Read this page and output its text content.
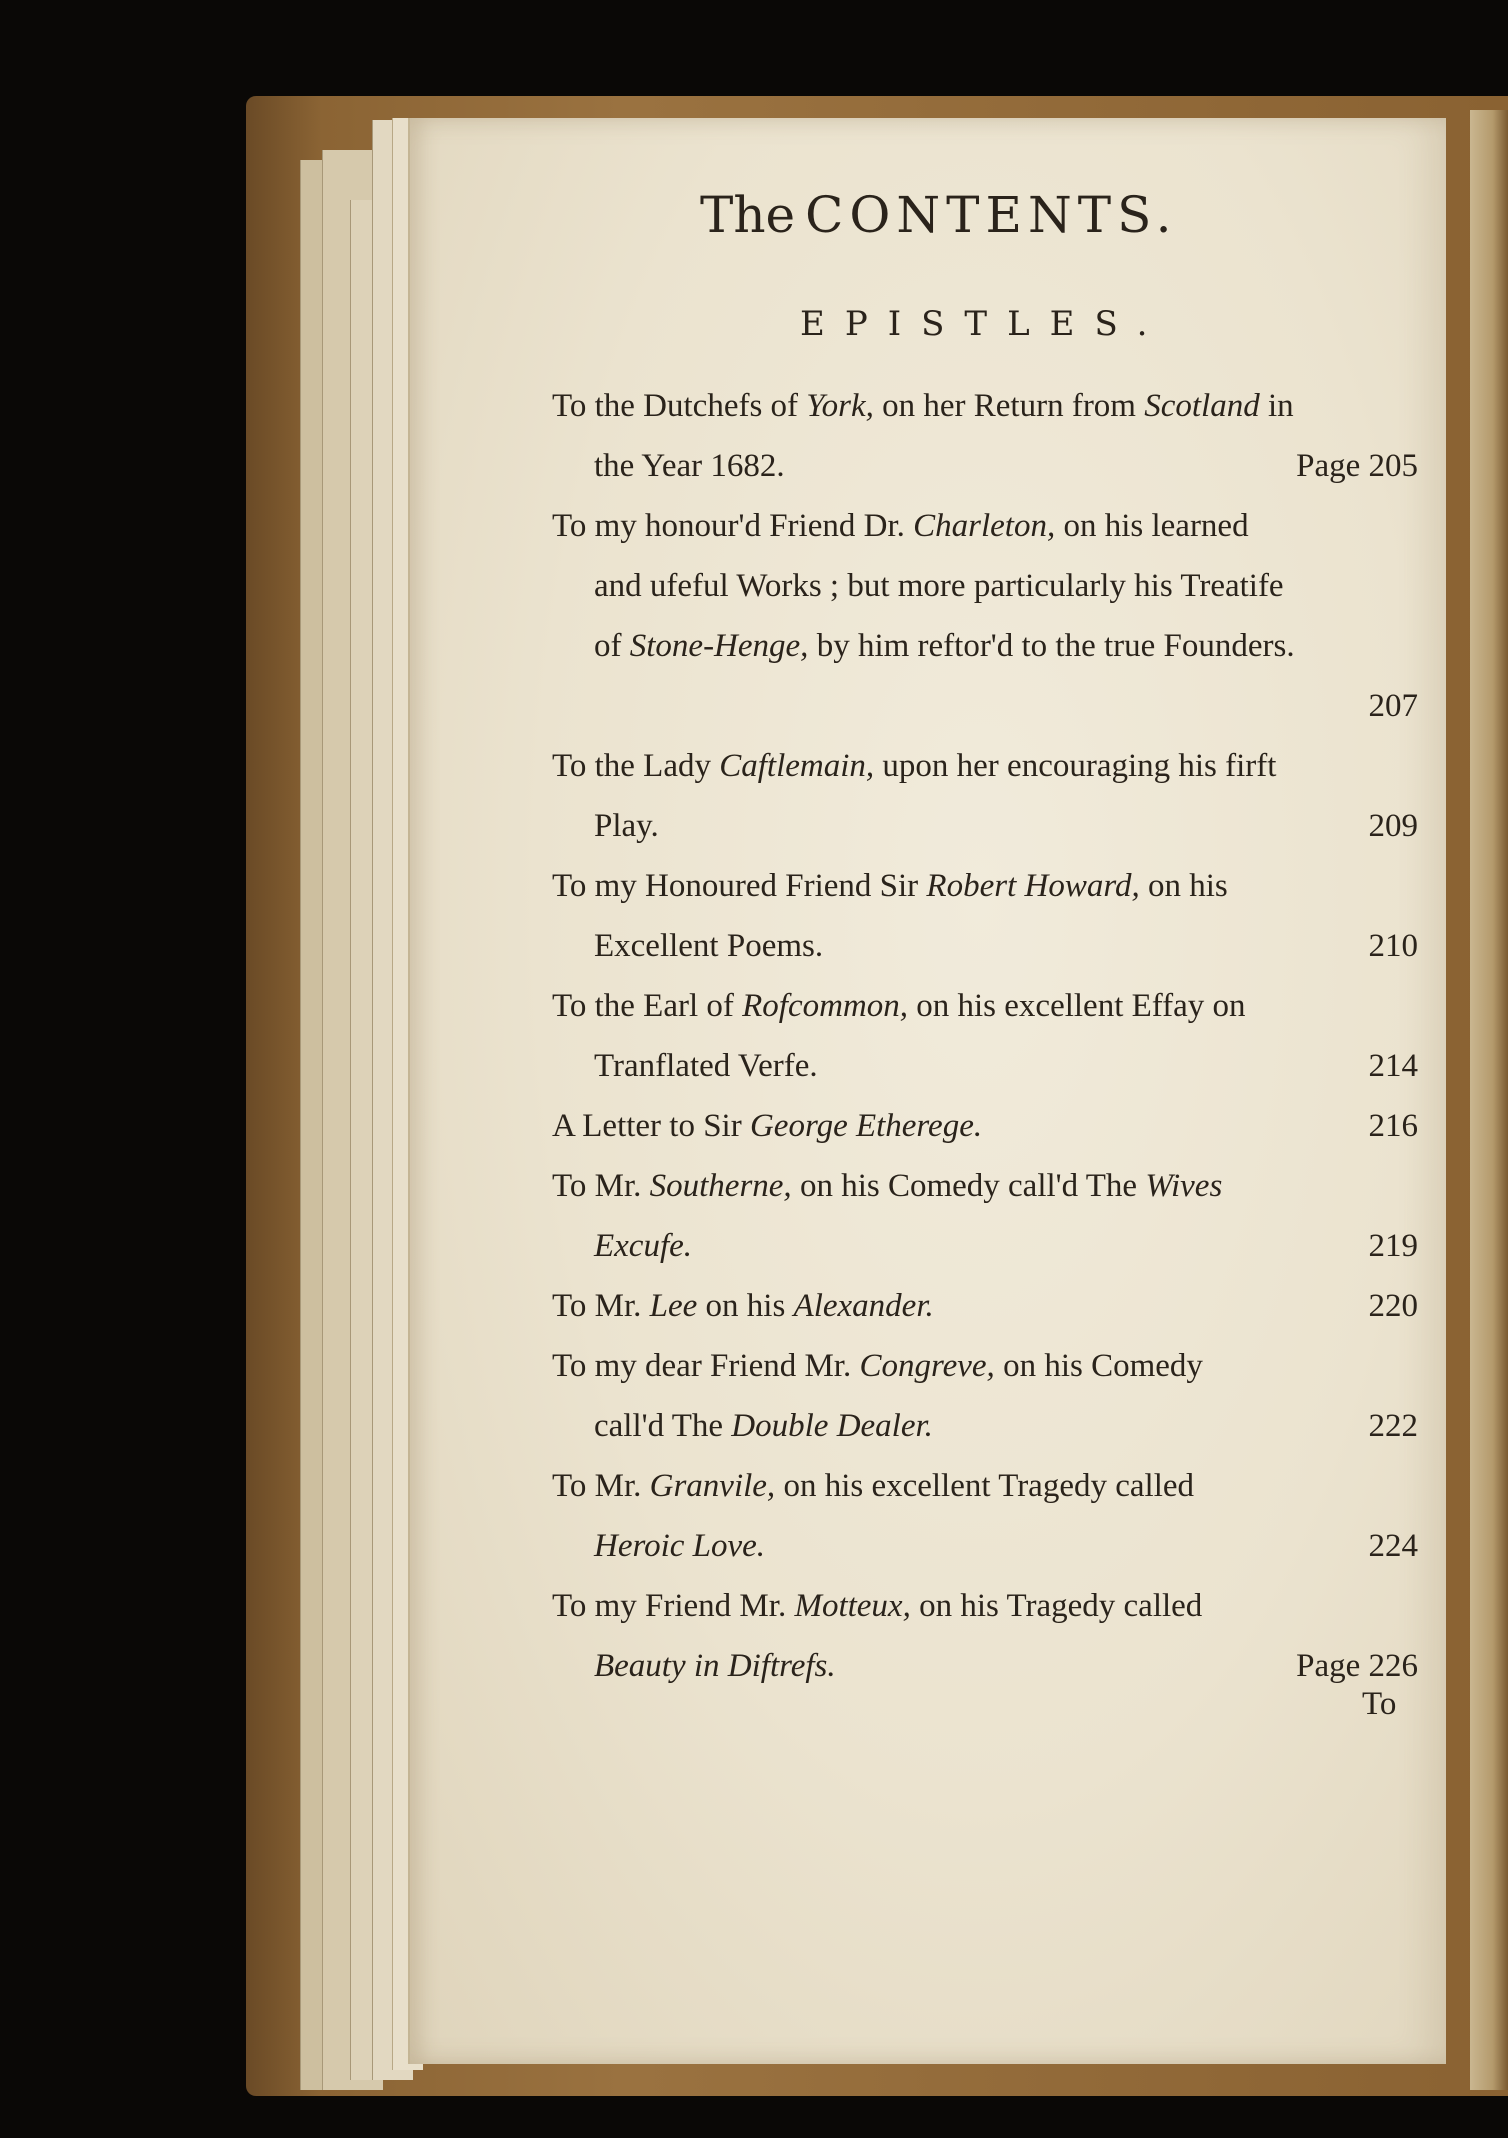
The CONTENTS.
EPISTLES.
To the Dutchefs of York, on her Return from Scotland in
the Year 1682.	Page 205
To my honour'd Friend Dr. Charleton, on his learned
and ufeful Works ; but more particularly his Treatife
of Stone-Henge, by him reftor'd to the true Founders.
207
To the Lady Caftlemain, upon her encouraging his firft
Play.	209
To my Honoured Friend Sir Robert Howard, on his
Excellent Poems.	210
To the Earl of Rofcommon, on his excellent Effay on
Tranflated Verfe.	214
A Letter to Sir George Etherege.	216
To Mr. Southerne, on his Comedy call'd The Wives
Excufe.	219
To Mr. Lee on his Alexander.	220
To my dear Friend Mr. Congreve, on his Comedy
call'd The Double Dealer.	222
To Mr. Granvile, on his excellent Tragedy called
Heroic Love.	224
To my Friend Mr. Motteux, on his Tragedy called
Beauty in Diftrefs.	Page 226
To
